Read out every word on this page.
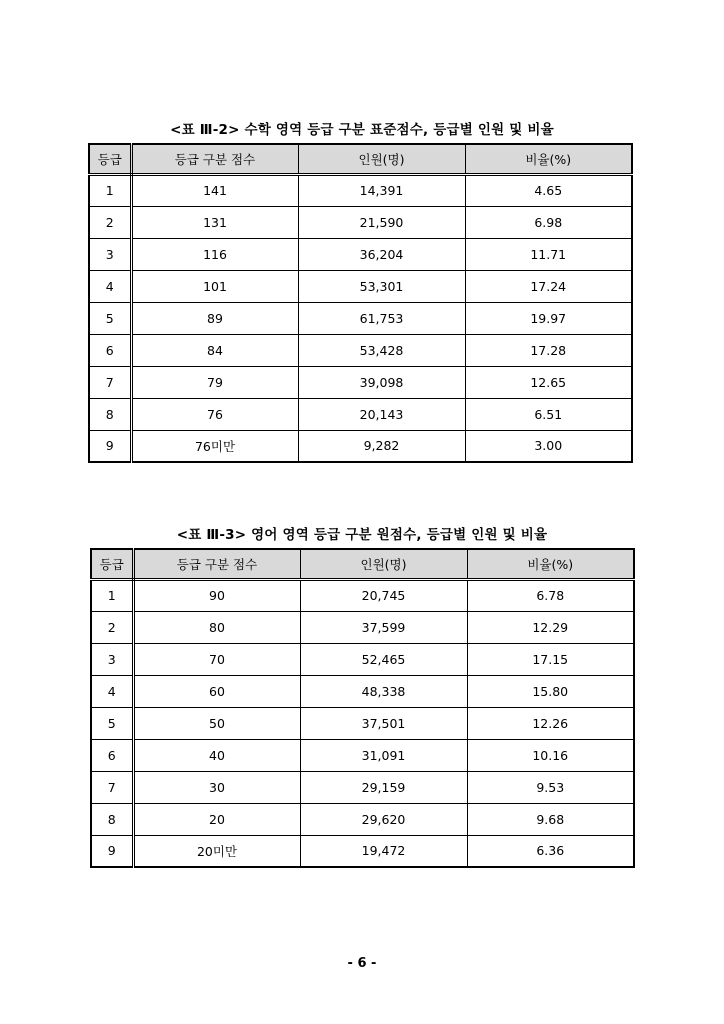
<표 Ⅲ-2> 수학 영역 등급 구분 표준점수, 등급별 인원 및 비율
등급	등급 구분 점수	인원(명)	비율(%)
1	141	14,391	4.65
2	131	21,590	6.98
3	116	36,204	11.71
4	101	53,301	17.24
5	89	61,753	19.97
6	84	53,428	17.28
7	79	39,098	12.65
8	76	20,143	6.51
9	76미만	9,282	3.00
<표 Ⅲ-3> 영어 영역 등급 구분 원점수, 등급별 인원 및 비율
등급	등급 구분 점수	인원(명)	비율(%)
1	90	20,745	6.78
2	80	37,599	12.29
3	70	52,465	17.15
4	60	48,338	15.80
5	50	37,501	12.26
6	40	31,091	10.16
7	30	29,159	9.53
8	20	29,620	9.68
9	20미만	19,472	6.36
- 6 -
